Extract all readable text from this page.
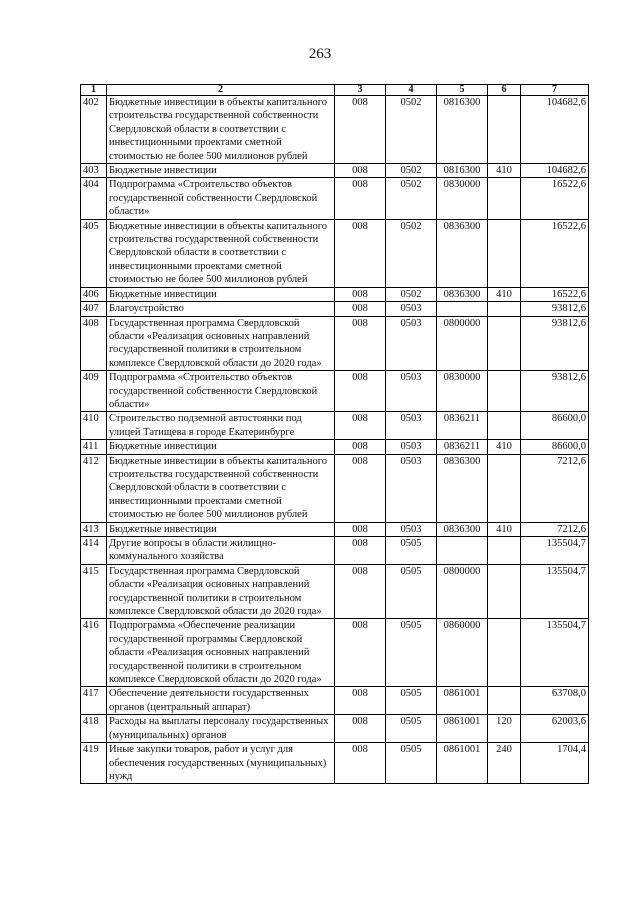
263
1	2	3	4	5	6	7
402	Бюджетные инвестиции в объекты капитального строительства государственной собственности Свердловской области в соответствии с инвестиционными проектами сметной стоимостью не более 500 миллионов рублей	008	0502	0816300		104682,6
403	Бюджетные инвестиции	008	0502	0816300	410	104682,6
404	Подпрограмма «Строительство объектов государственной собственности Свердловской области»	008	0502	0830000		16522,6
405	Бюджетные инвестиции в объекты капитального строительства государственной собственности Свердловской области в соответствии с инвестиционными проектами сметной стоимостью не более 500 миллионов рублей	008	0502	0836300		16522,6
406	Бюджетные инвестиции	008	0502	0836300	410	16522,6
407	Благоустройство	008	0503			93812,6
408	Государственная программа Свердловской области «Реализация основных направлений государственной политики в строительном комплексе Свердловской области до 2020 года»	008	0503	0800000		93812,6
409	Подпрограмма «Строительство объектов государственной собственности Свердловской области»	008	0503	0830000		93812,6
410	Строительство подземной автостоянки под улицей Татищева в городе Екатеринбурге	008	0503	0836211		86600,0
411	Бюджетные инвестиции	008	0503	0836211	410	86600,0
412	Бюджетные инвестиции в объекты капитального строительства государственной собственности Свердловской области в соответствии с инвестиционными проектами сметной стоимостью не более 500 миллионов рублей	008	0503	0836300		7212,6
413	Бюджетные инвестиции	008	0503	0836300	410	7212,6
414	Другие вопросы в области жилищно-коммунального хозяйства	008	0505			135504,7
415	Государственная программа Свердловской области «Реализация основных направлений государственной политики в строительном комплексе Свердловской области до 2020 года»	008	0505	0800000		135504,7
416	Подпрограмма «Обеспечение реализации государственной программы Свердловской области «Реализация основных направлений государственной политики в строительном комплексе Свердловской области до 2020 года»	008	0505	0860000		135504,7
417	Обеспечение деятельности государственных органов (центральный аппарат)	008	0505	0861001		63708,0
418	Расходы на выплаты персоналу государственных (муниципальных) органов	008	0505	0861001	120	62003,6
419	Иные закупки товаров, работ и услуг для обеспечения государственных (муниципальных) нужд	008	0505	0861001	240	1704,4
